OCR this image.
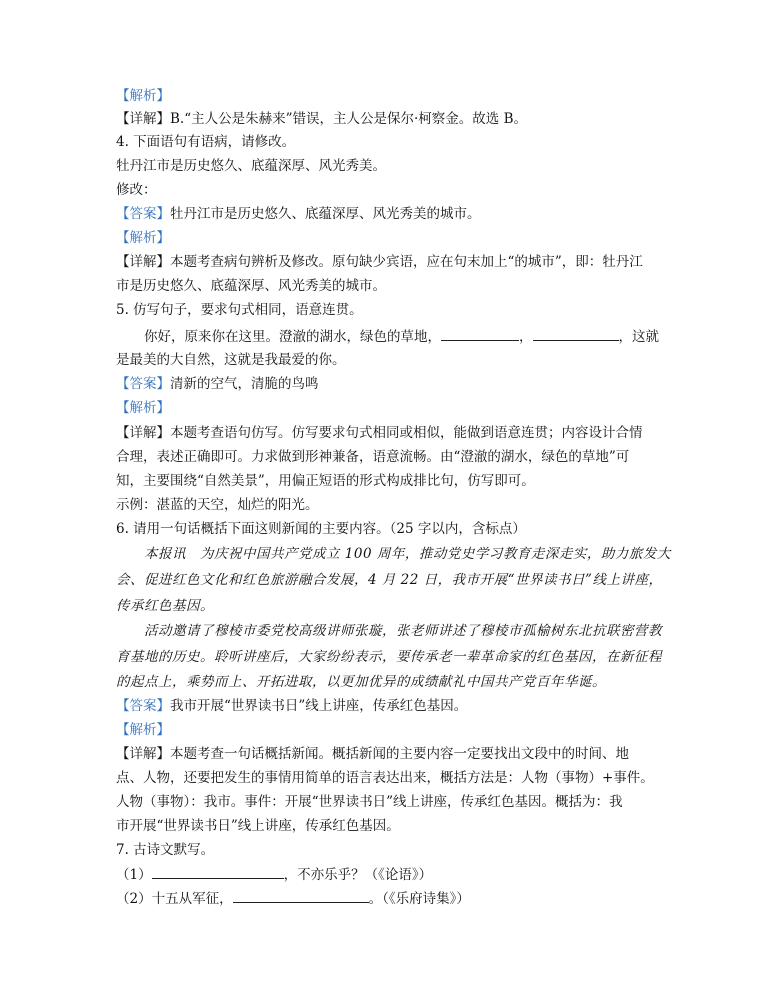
【解析】
【详解】B.“主人公是朱赫来”错误，主人公是保尔·柯察金。故选 B。
4. 下面语句有语病，请修改。
牡丹江市是历史悠久、底蕴深厚、风光秀美。
修改：
【答案】牡丹江市是历史悠久、底蕴深厚、风光秀美的城市。
【解析】
【详解】本题考查病句辨析及修改。原句缺少宾语，应在句末加上“的城市”，即：牡丹江
市是历史悠久、底蕴深厚、风光秀美的城市。
5. 仿写句子，要求句式相同，语意连贯。
你好，原来你在这里。澄澈的湖水，绿色的草地，	，	，这就
是最美的大自然，这就是我最爱的你。
【答案】清新的空气，清脆的鸟鸣
【解析】
【详解】本题考查语句仿写。仿写要求句式相同或相似，能做到语意连贯；内容设计合情
合理，表述正确即可。力求做到形神兼备，语意流畅。由“澄澈的湖水，绿色的草地”可
知，主要围绕“自然美景”，用偏正短语的形式构成排比句，仿写即可。
示例：湛蓝的天空，灿烂的阳光。
6. 请用一句话概括下面这则新闻的主要内容。（25 字以内，含标点）
本报讯　为庆祝中国共产党成立 100 周年，推动党史学习教育走深走实，助力旅发大
会、促进红色文化和红色旅游融合发展，4 月 22 日，我市开展“世界读书日”线上讲座，
传承红色基因。
活动邀请了穆棱市委党校高级讲师张璇，张老师讲述了穆棱市孤榆树东北抗联密营教
育基地的历史。聆听讲座后，大家纷纷表示，要传承老一辈革命家的红色基因，在新征程
的起点上，乘势而上、开拓进取，以更加优异的成绩献礼中国共产党百年华诞。
【答案】我市开展“世界读书日”线上讲座，传承红色基因。
【解析】
【详解】本题考查一句话概括新闻。概括新闻的主要内容一定要找出文段中的时间、地
点、人物，还要把发生的事情用简单的语言表达出来，概括方法是：人物（事物）+事件。
人物（事物）：我市。事件：开展“世界读书日”线上讲座，传承红色基因。概括为：我
市开展“世界读书日”线上讲座，传承红色基因。
7. 古诗文默写。
（1）	，不亦乐乎？（《论语》）
（2）十五从军征，	。（《乐府诗集》）
